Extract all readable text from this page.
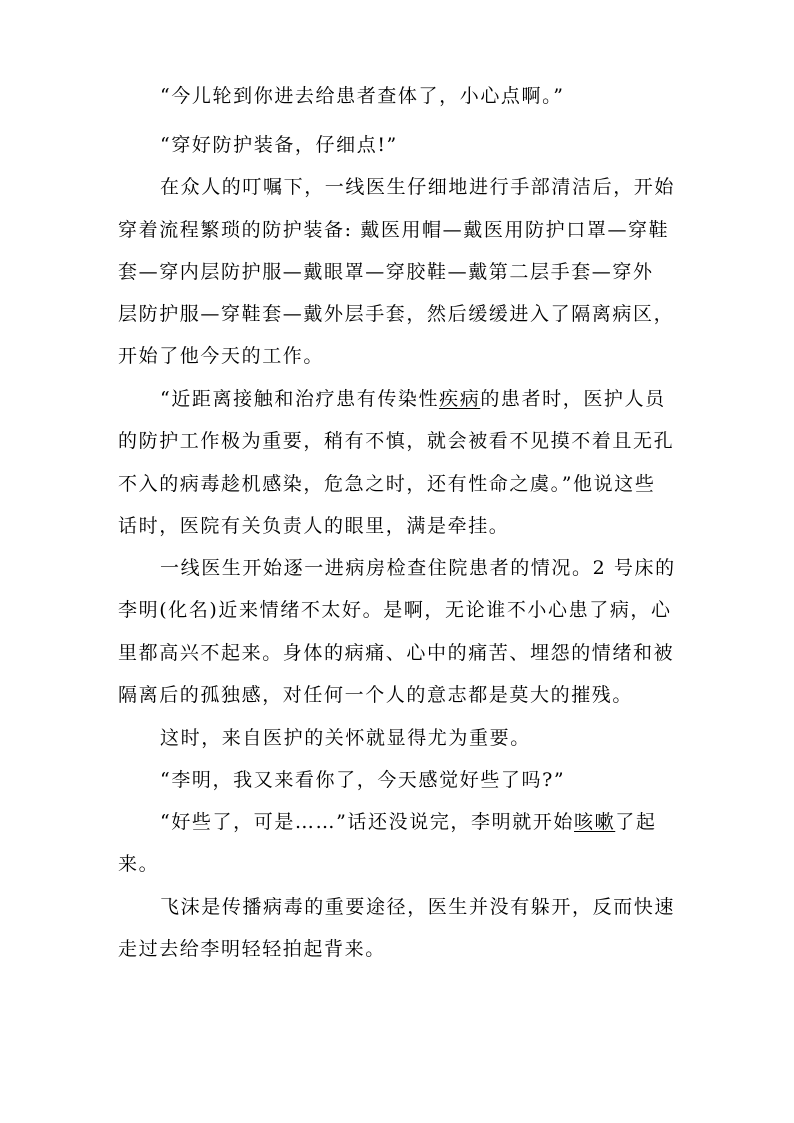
“今儿轮到你进去给患者查体了，小心点啊。”
“穿好防护装备，仔细点!”
在众人的叮嘱下，一线医生仔细地进行手部清洁后，开始
穿着流程繁琐的防护装备: 戴医用帽—戴医用防护口罩—穿鞋
套—穿内层防护服—戴眼罩—穿胶鞋—戴第二层手套—穿外
层防护服—穿鞋套—戴外层手套，然后缓缓进入了隔离病区，
开始了他今天的工作。
“近距离接触和治疗患有传染性疾病的患者时，医护人员
的防护工作极为重要，稍有不慎，就会被看不见摸不着且无孔
不入的病毒趁机感染，危急之时，还有性命之虞。”他说这些
话时，医院有关负责人的眼里，满是牵挂。
一线医生开始逐一进病房检查住院患者的情况。2 号床的
李明(化名)近来情绪不太好。是啊，无论谁不小心患了病，心
里都高兴不起来。身体的病痛、心中的痛苦、埋怨的情绪和被
隔离后的孤独感，对任何一个人的意志都是莫大的摧残。
这时，来自医护的关怀就显得尤为重要。
“李明，我又来看你了，今天感觉好些了吗?”
“好些了，可是……”话还没说完，李明就开始咳嗽了起
来。
飞沫是传播病毒的重要途径，医生并没有躲开，反而快速
走过去给李明轻轻拍起背来。
